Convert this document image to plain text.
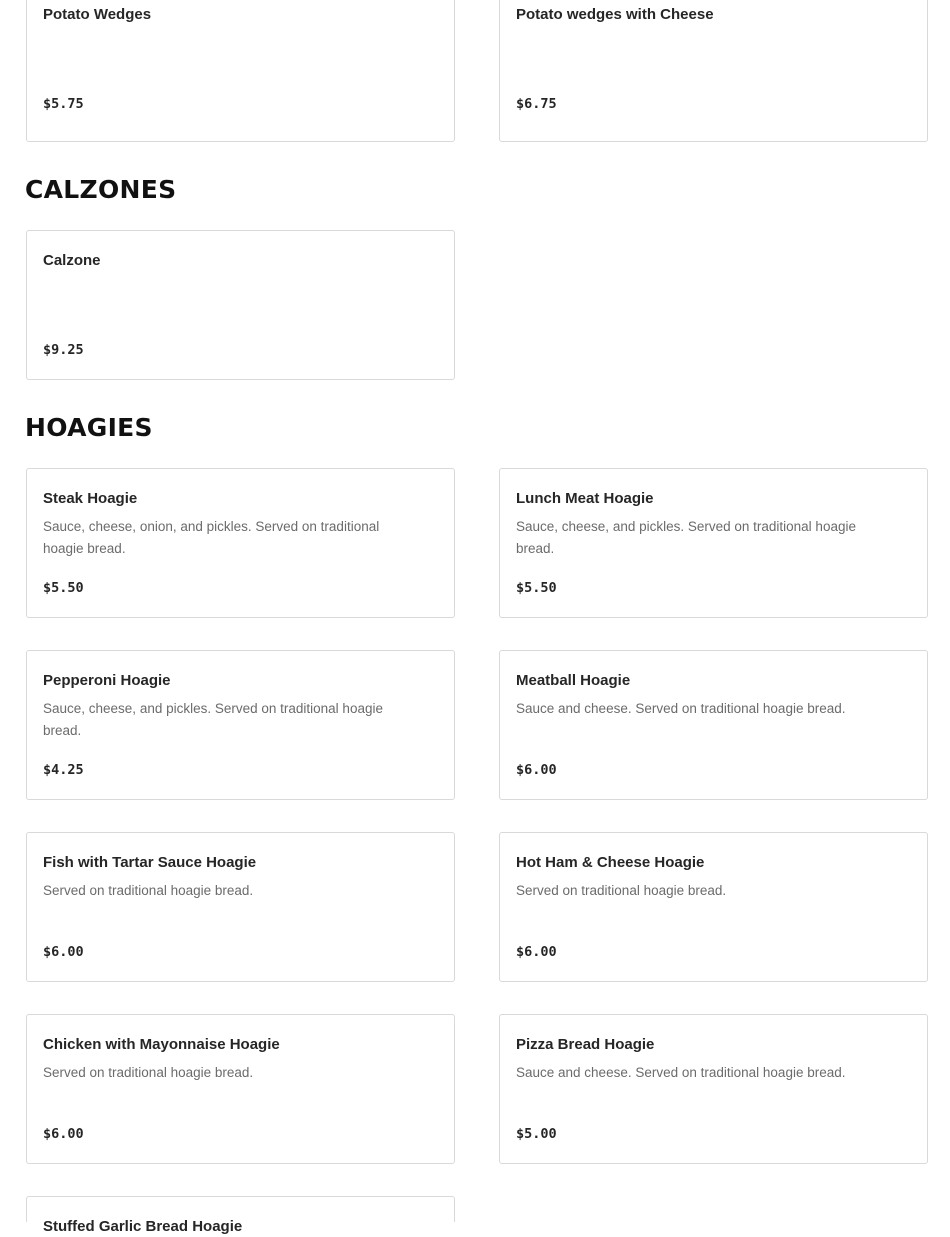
Potato Wedges
$5.75
Potato wedges with Cheese
$6.75
CALZONES
Calzone
$9.25
HOAGIES
Steak Hoagie
Sauce, cheese, onion, and pickles. Served on traditional hoagie bread.
$5.50
Lunch Meat Hoagie
Sauce, cheese, and pickles. Served on traditional hoagie bread.
$5.50
Pepperoni Hoagie
Sauce, cheese, and pickles. Served on traditional hoagie bread.
$4.25
Meatball Hoagie
Sauce and cheese. Served on traditional hoagie bread.
$6.00
Fish with Tartar Sauce Hoagie
Served on traditional hoagie bread.
$6.00
Hot Ham & Cheese Hoagie
Served on traditional hoagie bread.
$6.00
Chicken with Mayonnaise Hoagie
Served on traditional hoagie bread.
$6.00
Pizza Bread Hoagie
Sauce and cheese. Served on traditional hoagie bread.
$5.00
Stuffed Garlic Bread Hoagie
